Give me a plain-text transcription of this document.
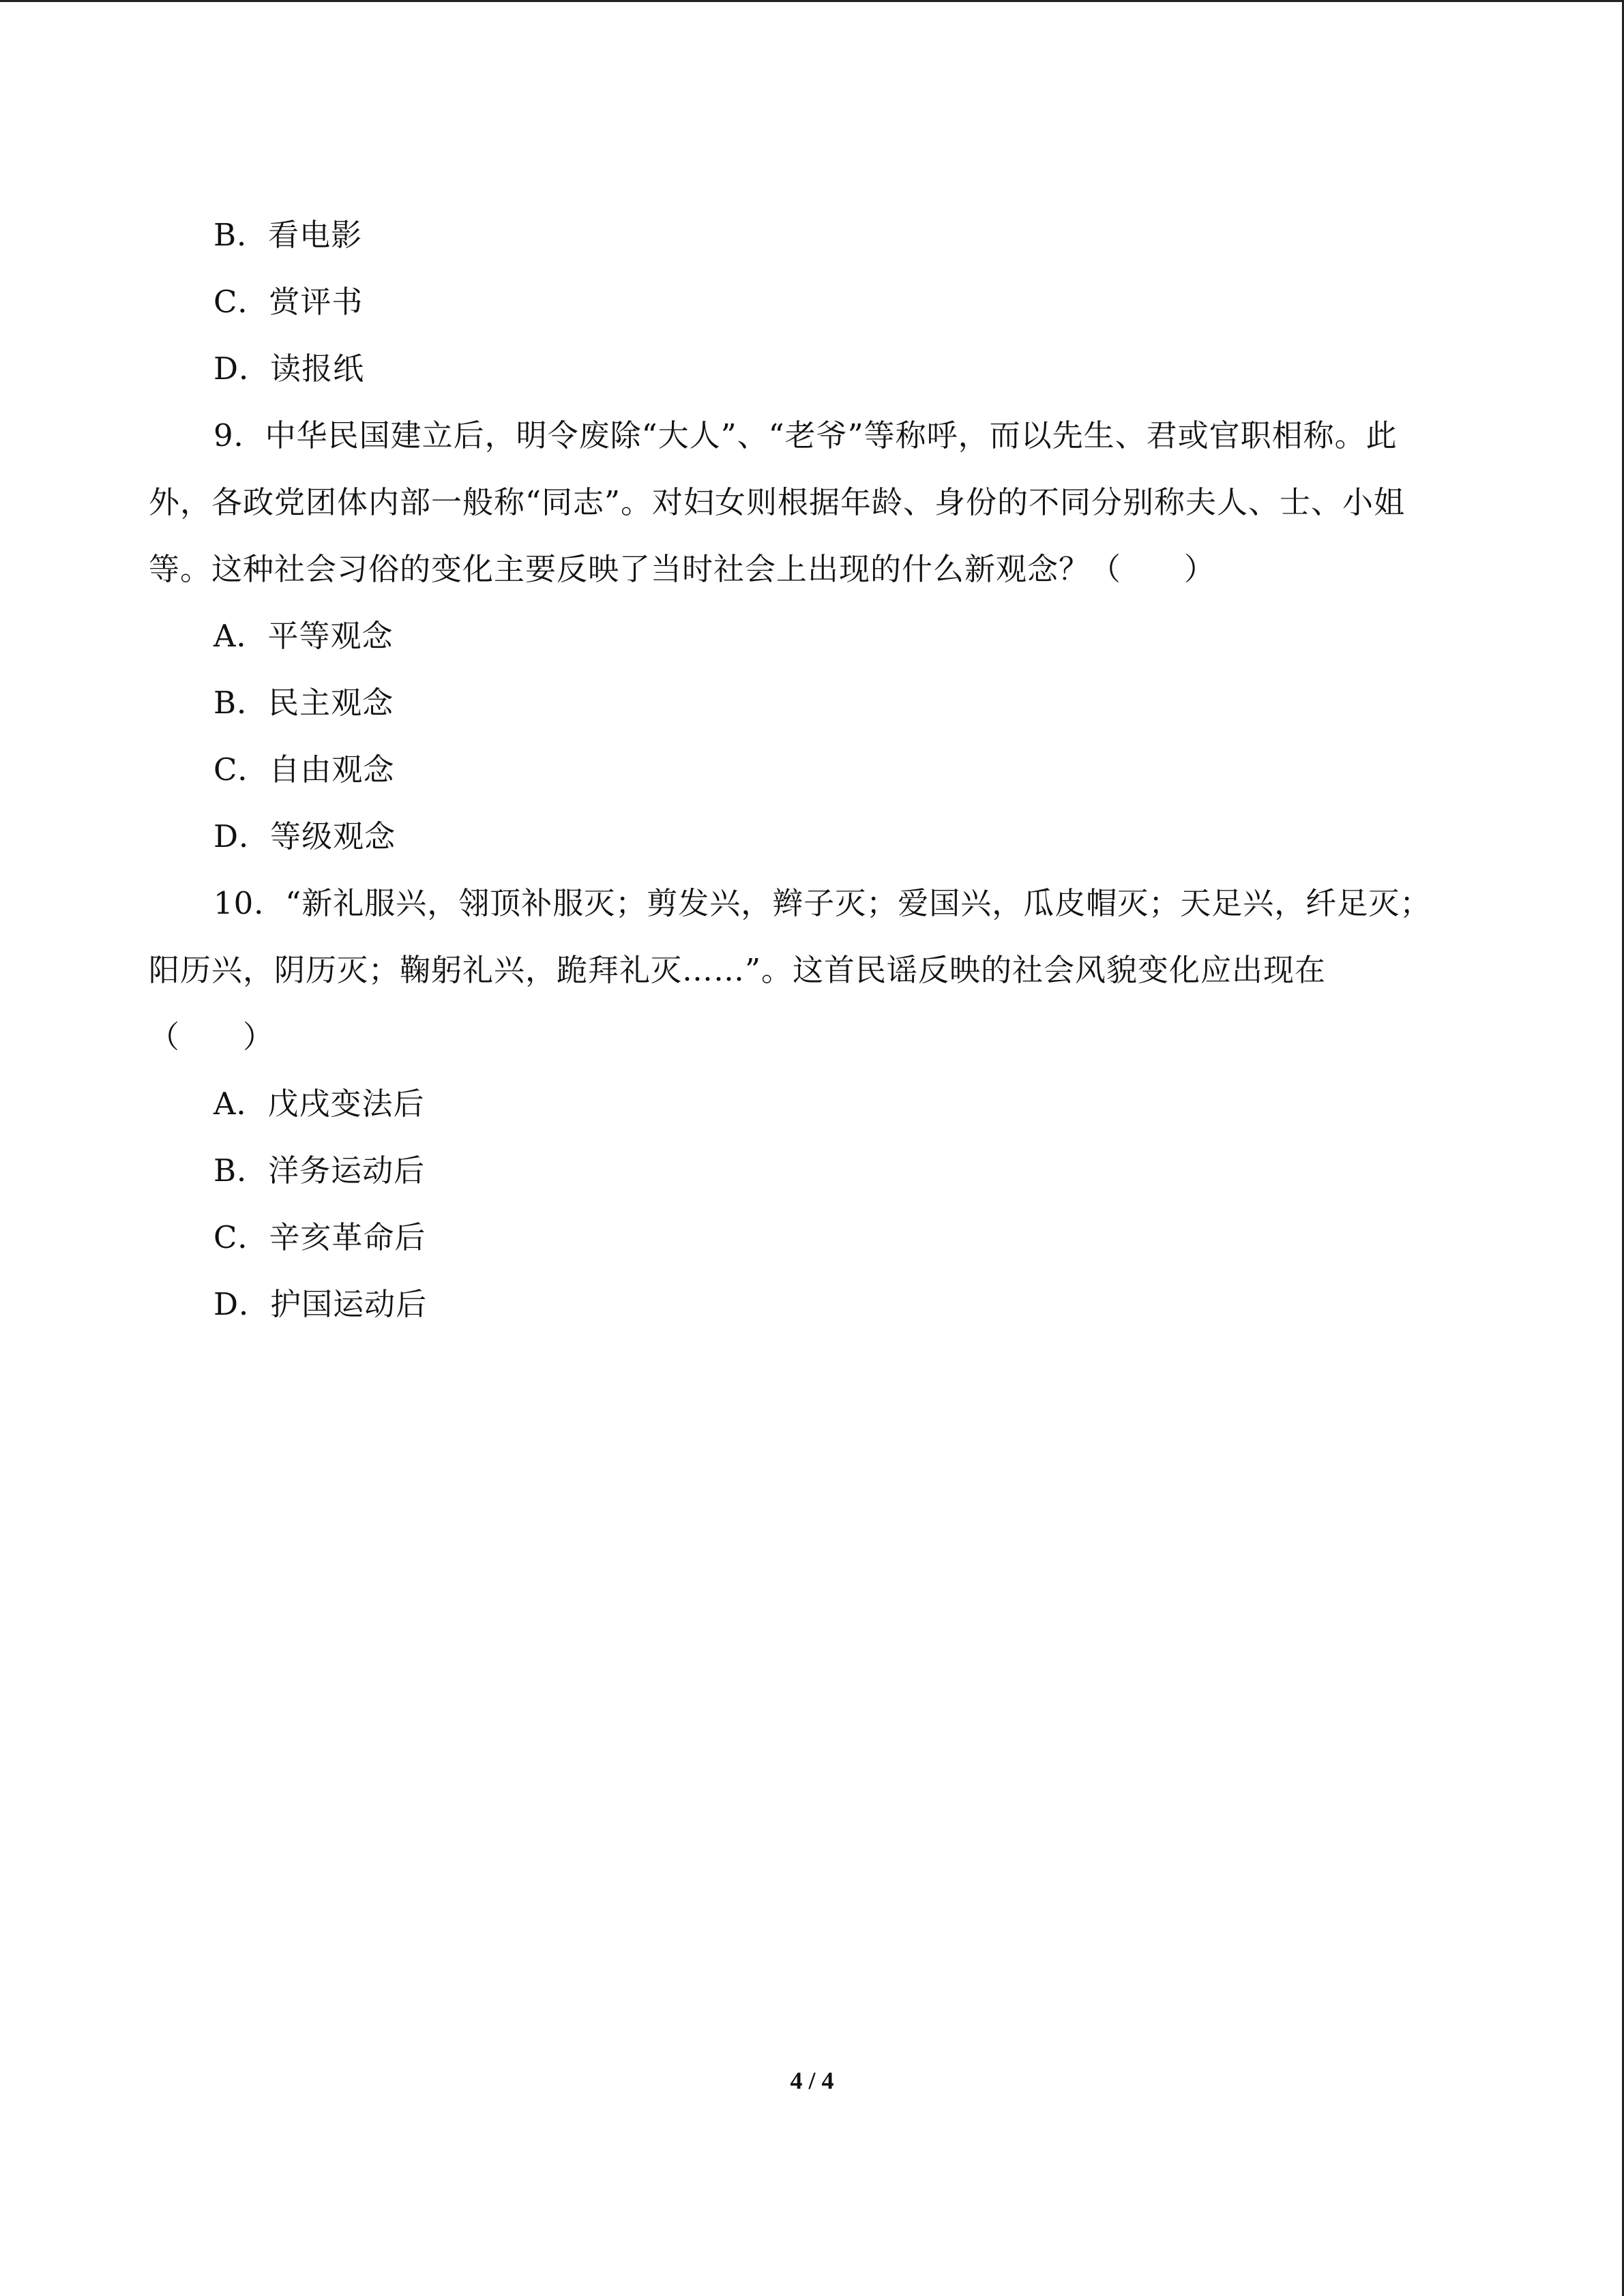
B．看电影
C．赏评书
D．读报纸
9．中华民国建立后，明令废除“大人”、“老爷”等称呼，而以先生、君或官职相称。此
外，各政党团体内部一般称“同志”。对妇女则根据年龄、身份的不同分别称夫人、士、小姐
等。这种社会习俗的变化主要反映了当时社会上出现的什么新观念？（　　）
A．平等观念
B．民主观念
C．自由观念
D．等级观念
10．“新礼服兴，翎顶补服灭；剪发兴，辫子灭；爱国兴，瓜皮帽灭；天足兴，纤足灭；
阳历兴，阴历灭；鞠躬礼兴，跪拜礼灭……”。这首民谣反映的社会风貌变化应出现在
（　　）
A．戊戌变法后
B．洋务运动后
C．辛亥革命后
D．护国运动后
4 / 4
